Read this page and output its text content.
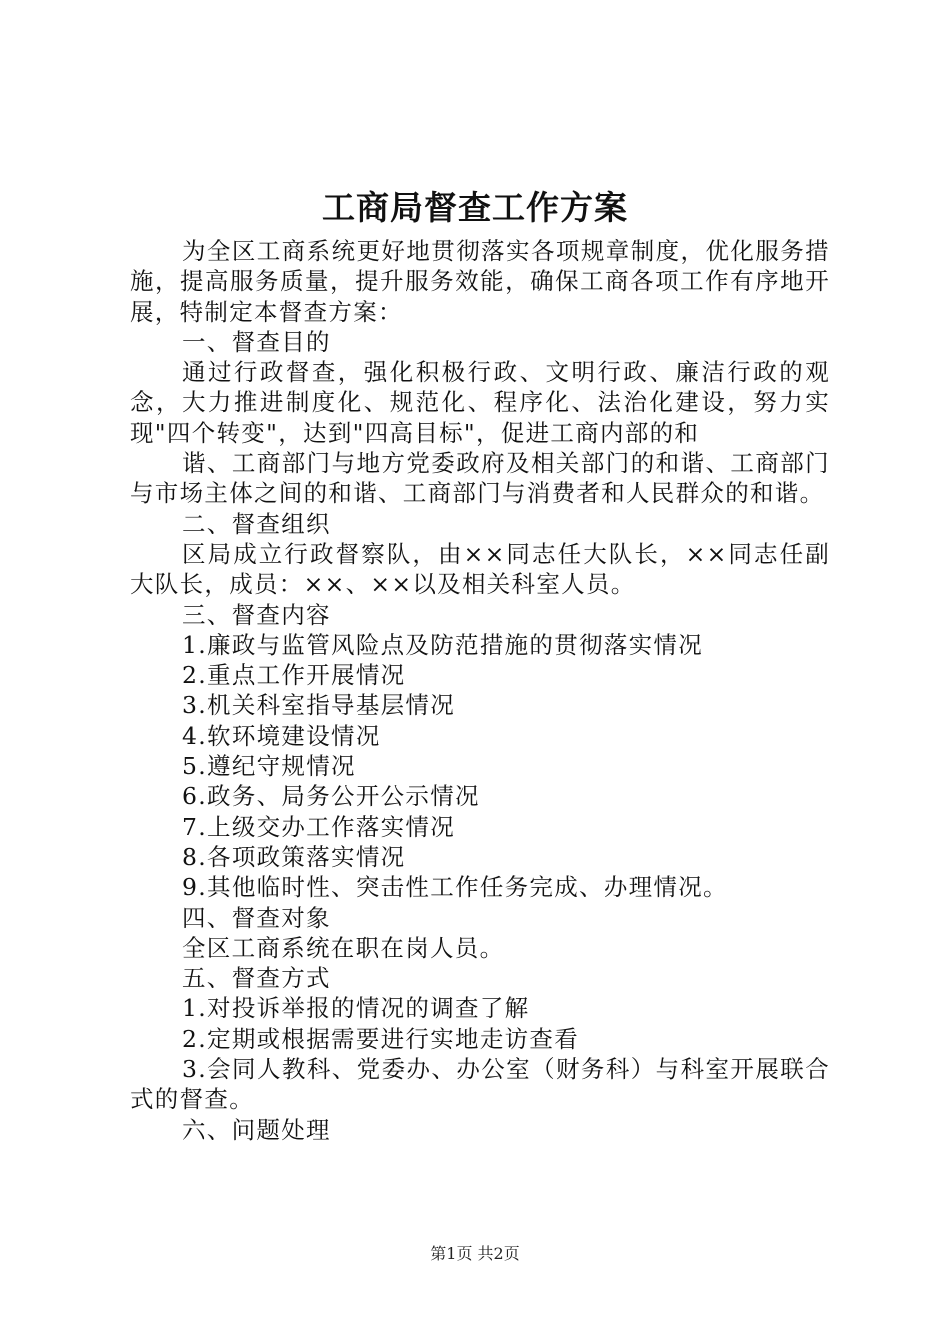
工商局督查工作方案

为全区工商系统更好地贯彻落实各项规章制度，优化服务措施，提高服务质量，提升服务效能，确保工商各项工作有序地开展，特制定本督查方案：

一、督查目的

通过行政督查，强化积极行政、文明行政、廉洁行政的观念，大力推进制度化、规范化、程序化、法治化建设，努力实现"四个转变"，达到"四高目标"，促进工商内部的和

谐、工商部门与地方党委政府及相关部门的和谐、工商部门与市场主体之间的和谐、工商部门与消费者和人民群众的和谐。

二、督查组织

区局成立行政督察队，由××同志任大队长，××同志任副大队长，成员：××、××以及相关科室人员。

三、督查内容

1.廉政与监管风险点及防范措施的贯彻落实情况

2.重点工作开展情况

3.机关科室指导基层情况

4.软环境建设情况

5.遵纪守规情况

6.政务、局务公开公示情况

7.上级交办工作落实情况

8.各项政策落实情况

9.其他临时性、突击性工作任务完成、办理情况。

四、督查对象

全区工商系统在职在岗人员。

五、督查方式

1.对投诉举报的情况的调查了解

2.定期或根据需要进行实地走访查看

3.会同人教科、党委办、办公室（财务科）与科室开展联合式的督查。

六、问题处理

第1页 共2页
